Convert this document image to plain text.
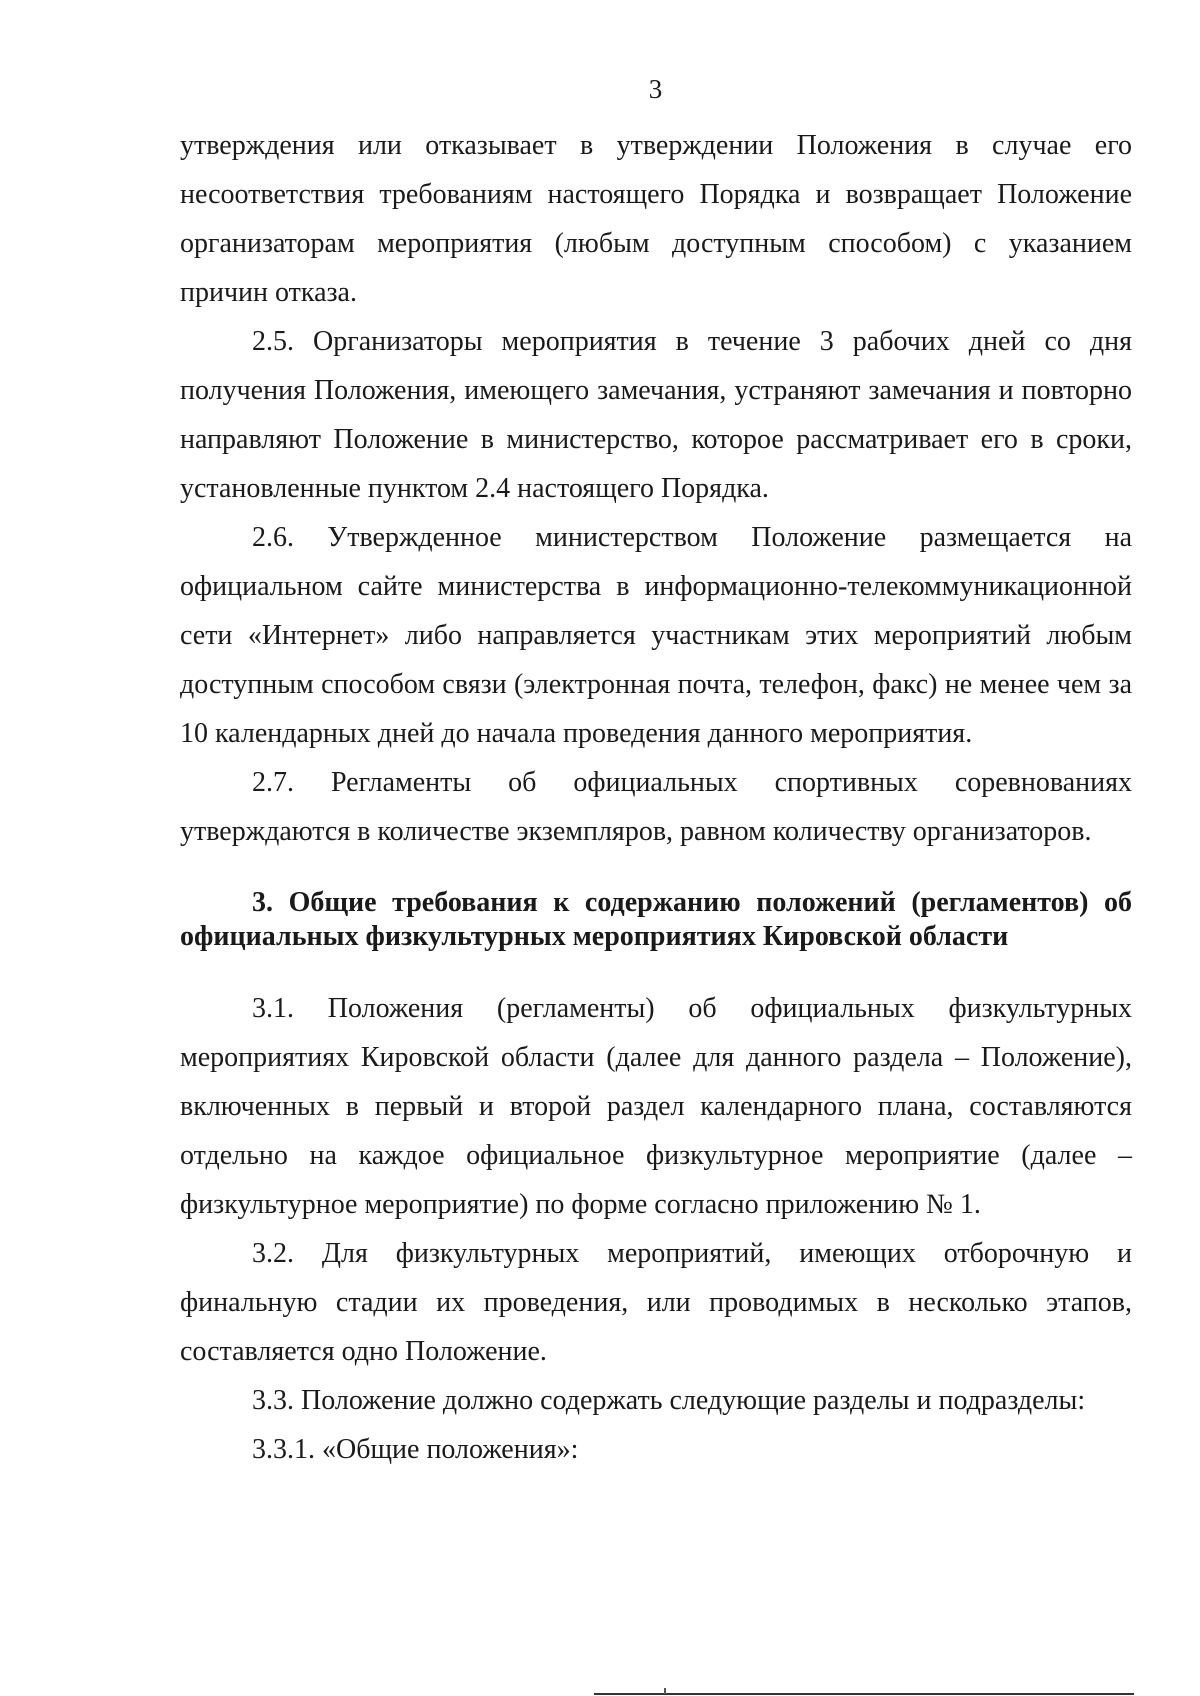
3

утверждения или отказывает в утверждении Положения в случае его несоответствия требованиям настоящего Порядка и возвращает Положение организаторам мероприятия (любым доступным способом) с указанием причин отказа.

2.5. Организаторы мероприятия в течение 3 рабочих дней со дня получения Положения, имеющего замечания, устраняют замечания и повторно направляют Положение в министерство, которое рассматривает его в сроки, установленные пунктом 2.4 настоящего Порядка.

2.6. Утвержденное министерством Положение размещается на официальном сайте министерства в информационно-телекоммуникационной сети «Интернет» либо направляется участникам этих мероприятий любым доступным способом связи (электронная почта, телефон, факс) не менее чем за 10 календарных дней до начала проведения данного мероприятия.

2.7. Регламенты об официальных спортивных соревнованиях утверждаются в количестве экземпляров, равном количеству организаторов.

3. Общие требования к содержанию положений (регламентов) об официальных физкультурных мероприятиях Кировской области

3.1. Положения (регламенты) об официальных физкультурных мероприятиях Кировской области (далее для данного раздела – Положение), включенных в первый и второй раздел календарного плана, составляются отдельно на каждое официальное физкультурное мероприятие (далее – физкультурное мероприятие) по форме согласно приложению № 1.

3.2. Для физкультурных мероприятий, имеющих отборочную и финальную стадии их проведения, или проводимых в несколько этапов, составляется одно Положение.

3.3. Положение должно содержать следующие разделы и подразделы:

3.3.1. «Общие положения»:
